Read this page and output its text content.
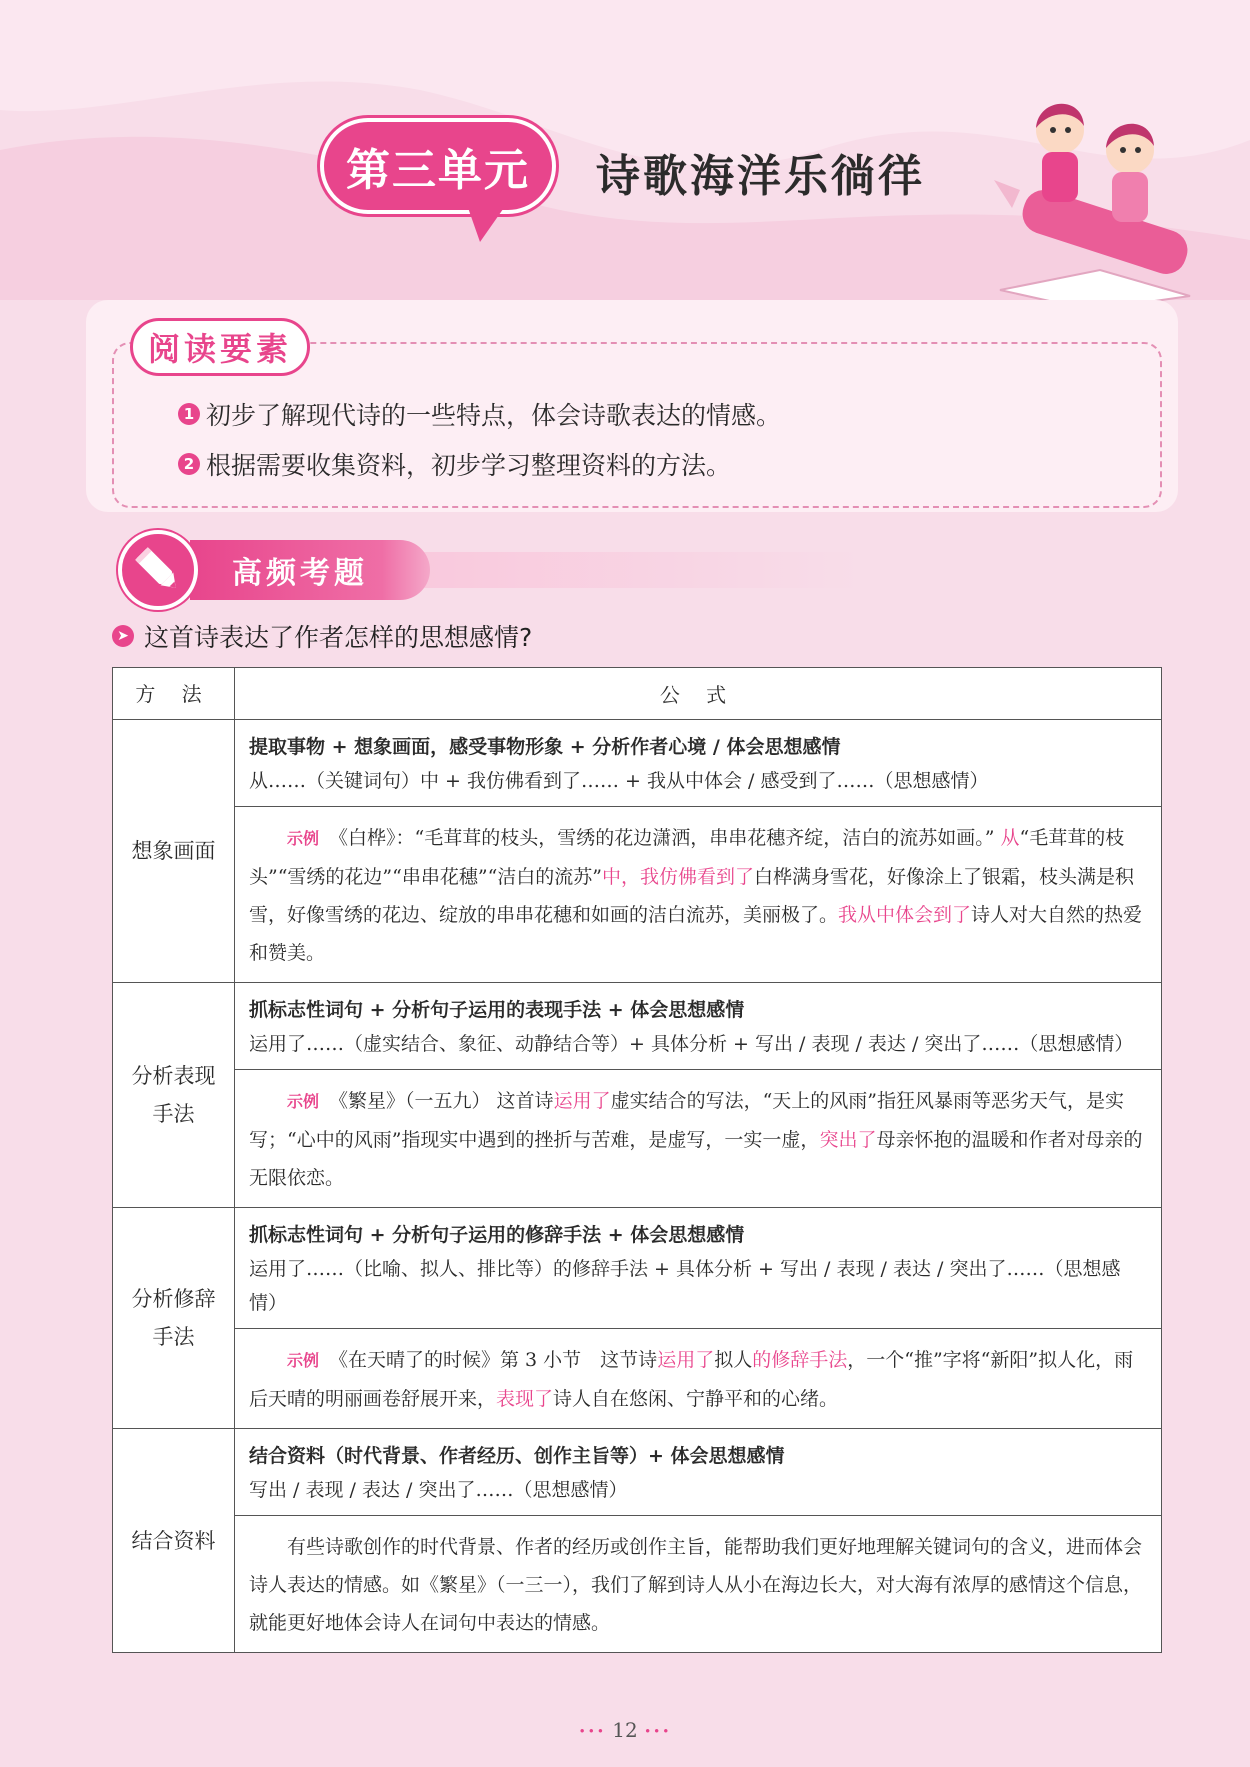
第三单元	诗歌海洋乐徜徉
阅读要素
1 初步了解现代诗的一些特点，体会诗歌表达的情感。
2 根据需要收集资料，初步学习整理资料的方法。
高频考题
➤ 这首诗表达了作者怎样的思想感情?
方 法	公 式
想象画面	提取事物 + 想象画面，感受事物形象 + 分析作者心境 / 体会思想感情
从……（关键词句）中 + 我仿佛看到了…… + 我从中体会 / 感受到了……（思想感情）

	示例 《白桦》：“毛茸茸的枝头，雪绣的花边潇洒，串串花穗齐绽，洁白的流苏如画。” 从“毛茸茸的枝头”“雪绣的花边”“串串花穗”“洁白的流苏”中，我仿佛看到了白桦满身雪花，好像涂上了银霜，枝头满是积雪，好像雪绣的花边、绽放的串串花穗和如画的洁白流苏，美丽极了。我从中体会到了诗人对大自然的热爱和赞美。
分析表现手法	抓标志性词句 + 分析句子运用的表现手法 + 体会思想感情
运用了……（虚实结合、象征、动静结合等）+ 具体分析 + 写出 / 表现 / 表达 / 突出了……（思想感情）

	示例 《繁星》（一五九） 这首诗运用了虚实结合的写法，“天上的风雨”指狂风暴雨等恶劣天气，是实写；“心中的风雨”指现实中遇到的挫折与苦难，是虚写，一实一虚，突出了母亲怀抱的温暖和作者对母亲的无限依恋。
分析修辞手法	抓标志性词句 + 分析句子运用的修辞手法 + 体会思想感情
运用了……（比喻、拟人、排比等）的修辞手法 + 具体分析 + 写出 / 表现 / 表达 / 突出了……（思想感情）

	示例 《在天晴了的时候》第 3 小节　这节诗运用了拟人的修辞手法，一个“推”字将“新阳”拟人化，雨后天晴的明丽画卷舒展开来，表现了诗人自在悠闲、宁静平和的心绪。
结合资料	结合资料（时代背景、作者经历、创作主旨等）+ 体会思想感情
写出 / 表现 / 表达 / 突出了……（思想感情）

	有些诗歌创作的时代背景、作者的经历或创作主旨，能帮助我们更好地理解关键词句的含义，进而体会诗人表达的情感。如《繁星》（一三一），我们了解到诗人从小在海边长大，对大海有浓厚的感情这个信息，就能更好地体会诗人在词句中表达的情感。
••• 12 •••
